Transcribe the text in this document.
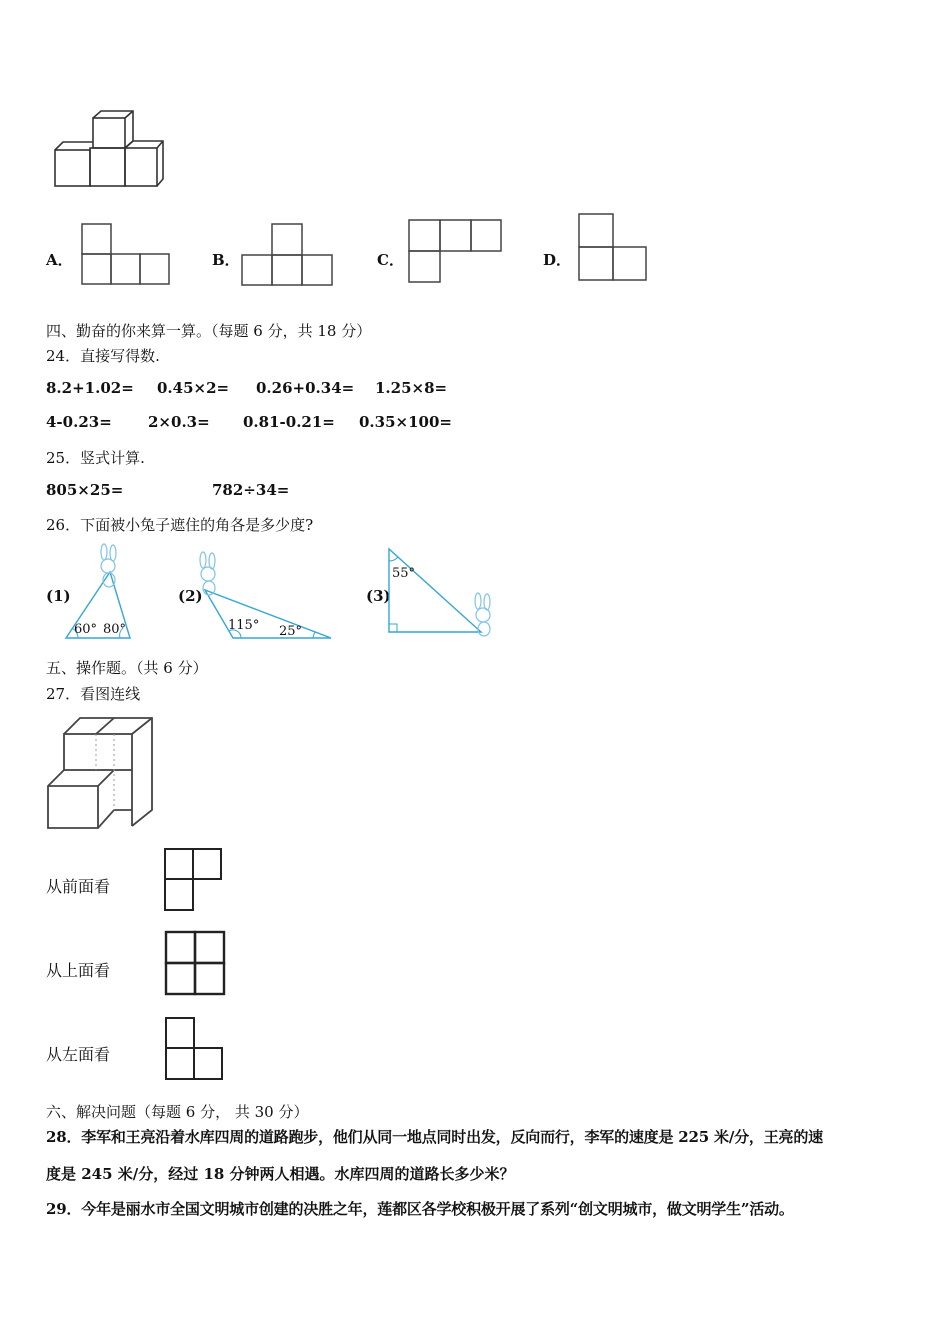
A．	B．	C．	D．
四、勤奋的你来算一算。（每题 6 分，共 18 分）
24．直接写得数.
8.2+1.02= 0.45×2= 0.26+0.34= 1.25×8=
4-0.23= 2×0.3= 0.81-0.21= 0.35×100=
25．竖式计算.
805×25=	782÷34=
26．下面被小兔子遮住的角各是多少度?
(1)
60° 80°
(2)
115° 25°
(3)
55°
五、操作题。（共 6 分）
27．看图连线
从前面看
从上面看
从左面看
六、解决问题（每题 6 分， 共 30 分）
28．李军和王亮沿着水库四周的道路跑步，他们从同一地点同时出发，反向而行，李军的速度是 225 米/分，王亮的速
度是 245 米/分，经过 18 分钟两人相遇。水库四周的道路长多少米？
29．今年是丽水市全国文明城市创建的决胜之年，莲都区各学校积极开展了系列“创文明城市，做文明学生”活动。
